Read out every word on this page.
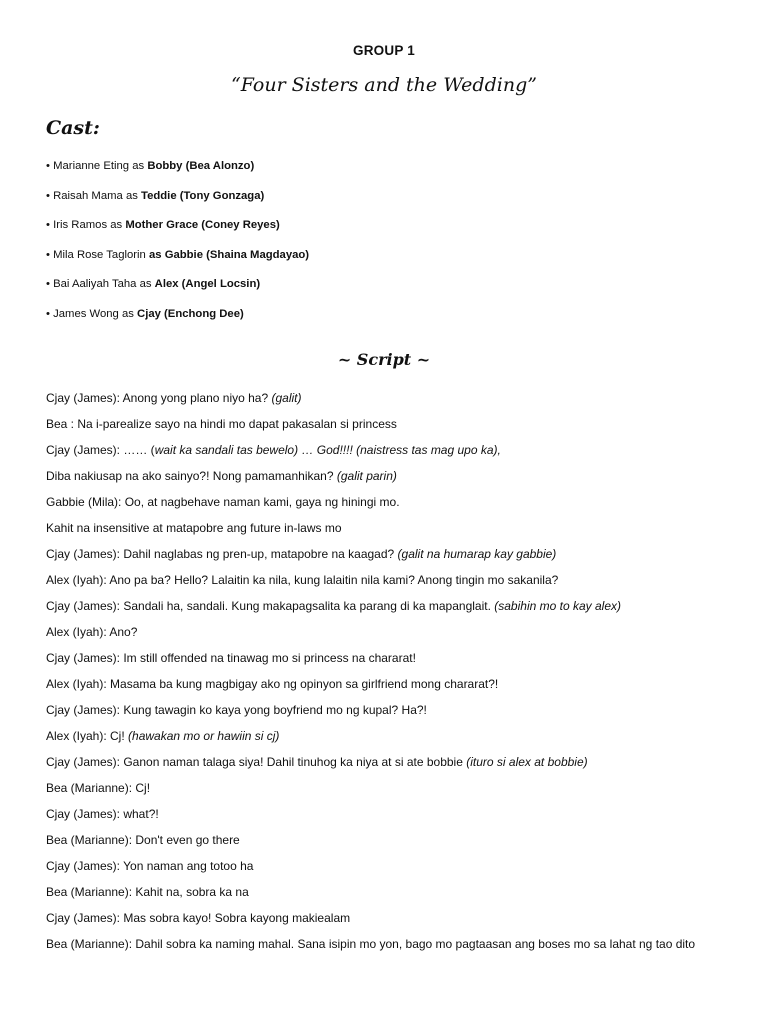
GROUP 1
“Four Sisters and the Wedding”
Cast:
• Marianne Eting as Bobby (Bea Alonzo)
• Raisah Mama as Teddie (Tony Gonzaga)
• Iris Ramos as Mother Grace (Coney Reyes)
• Mila Rose Taglorin as Gabbie (Shaina Magdayao)
• Bai Aaliyah Taha as Alex (Angel Locsin)
• James Wong as Cjay (Enchong Dee)
~ Script ~
Cjay (James): Anong yong plano niyo ha? (galit)
Bea : Na i-parealize sayo na hindi mo dapat pakasalan si princess
Cjay (James): …… (wait ka sandali tas bewelo) … God!!!! (naistress tas mag upo ka),
Diba nakiusap na ako sainyo?! Nong pamamanhikan? (galit parin)
Gabbie (Mila): Oo, at nagbehave naman kami, gaya ng hiningi mo.
Kahit na insensitive at matapobre ang future in-laws mo
Cjay (James): Dahil naglabas ng pren-up, matapobre na kaagad? (galit na humarap kay gabbie)
Alex (Iyah): Ano pa ba? Hello? Lalaitin ka nila, kung lalaitin nila kami? Anong tingin mo sakanila?
Cjay (James): Sandali ha, sandali. Kung makapagsalita ka parang di ka mapanglait. (sabihin mo to kay alex)
Alex (Iyah): Ano?
Cjay (James): Im still offended na tinawag mo si princess na chararat!
Alex (Iyah): Masama ba kung magbigay ako ng opinyon sa girlfriend mong chararat?!
Cjay (James): Kung tawagin ko kaya yong boyfriend mo ng kupal? Ha?!
Alex (Iyah): Cj! (hawakan mo or hawiin si cj)
Cjay (James): Ganon naman talaga siya! Dahil tinuhog ka niya at si ate bobbie (ituro si alex at bobbie)
Bea (Marianne): Cj!
Cjay (James): what?!
Bea (Marianne): Don't even go there
Cjay (James): Yon naman ang totoo ha
Bea (Marianne): Kahit na, sobra ka na
Cjay (James): Mas sobra kayo! Sobra kayong makiealam
Bea (Marianne): Dahil sobra ka naming mahal. Sana isipin mo yon, bago mo pagtaasan ang boses mo sa lahat ng tao dito
